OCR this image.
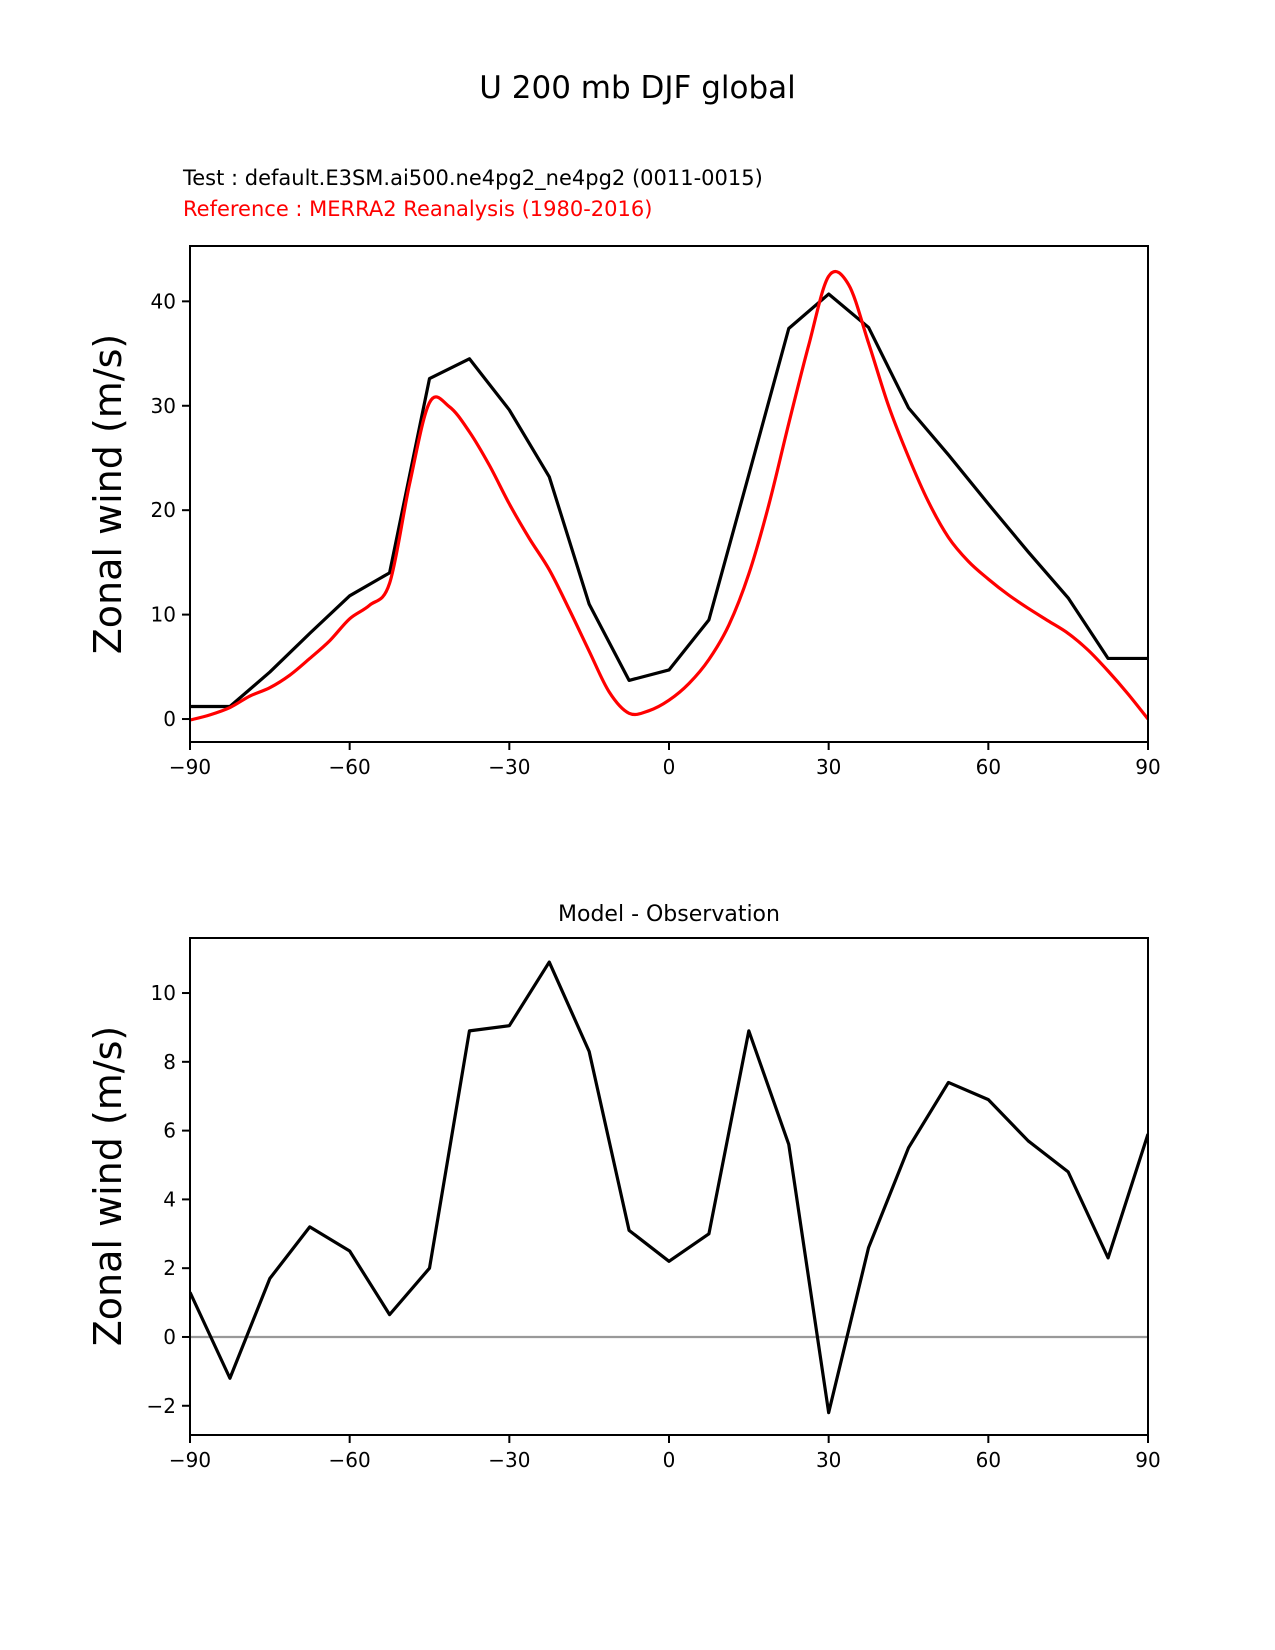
U 200 mb DJF global
Test : default.E3SM.ai500.ne4pg2_ne4pg2 (0011-0015)
Reference : MERRA2 Reanalysis (1980-2016)
Zonal wind (m/s)
Zonal wind (m/s)
Model - Observation
−90	−60	−30	0	30	60	90
0
10
20
30
40
−90	−60	−30	0	30	60	90
−2
0
2
4
6
8
10
